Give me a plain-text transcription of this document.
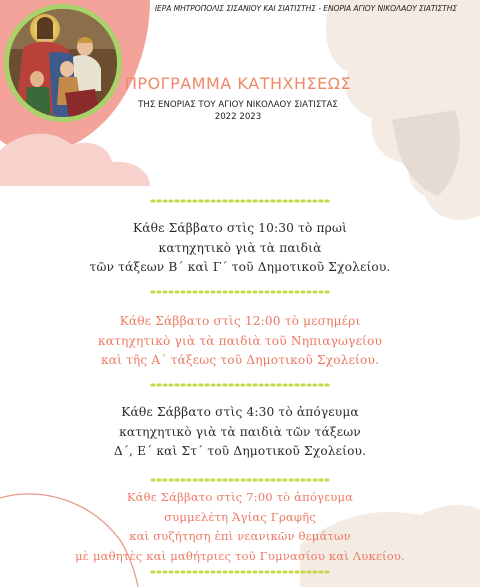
ΙΕΡΑ ΜΗΤΡΟΠΟΛΙΣ ΣΙΣΑΝΙΟΥ ΚΑΙ ΣΙΑΤΙΣΤΗΣ - ΕΝΟΡΙΑ ΑΓΙΟΥ ΝΙΚΟΛΑΟΥ ΣΙΑΤΙΣΤΗΣ
ΠΡΟΓΡΑΜΜΑ ΚΑΤΗΧΗΣΕΩΣ
ΤΗΣ ΕΝΟΡΙΑΣ ΤΟΥ ΑΓΙΟΥ ΝΙΚΟΛΑΟΥ ΣΙΑΤΙΣΤΑΣ
2022 2023
Κάθε Σάββατο στὶς 10:30 τὸ πρωὶ
κατηχητικὸ γιὰ τὰ παιδιὰ
τῶν τάξεων Β΄ καὶ Γ΄ τοῦ Δημοτικοῦ Σχολείου.
Κάθε Σάββατο στὶς 12:00 τὸ μεσημέρι
κατηχητικὸ γιὰ τὰ παιδιὰ τοῦ Νηπιαγωγείου
καὶ τῆς Α΄ τάξεως τοῦ Δημοτικοῦ Σχολείου.
Κάθε Σάββατο στὶς 4:30 τὸ ἀπόγευμα
κατηχητικὸ γιὰ τὰ παιδιὰ τῶν τάξεων
Δ΄, Ε΄ καὶ Στ΄ τοῦ Δημοτικοῦ Σχολείου.
Κάθε Σάββατο στὶς 7:00 τὸ ἀπόγευμα
συμμελέτη Ἁγίας Γραφῆς
καὶ συζήτηση ἐπὶ νεανικῶν θεμάτων
μὲ μαθητὲς καὶ μαθήτριες τοῦ Γυμνασίου καὶ Λυκείου.
